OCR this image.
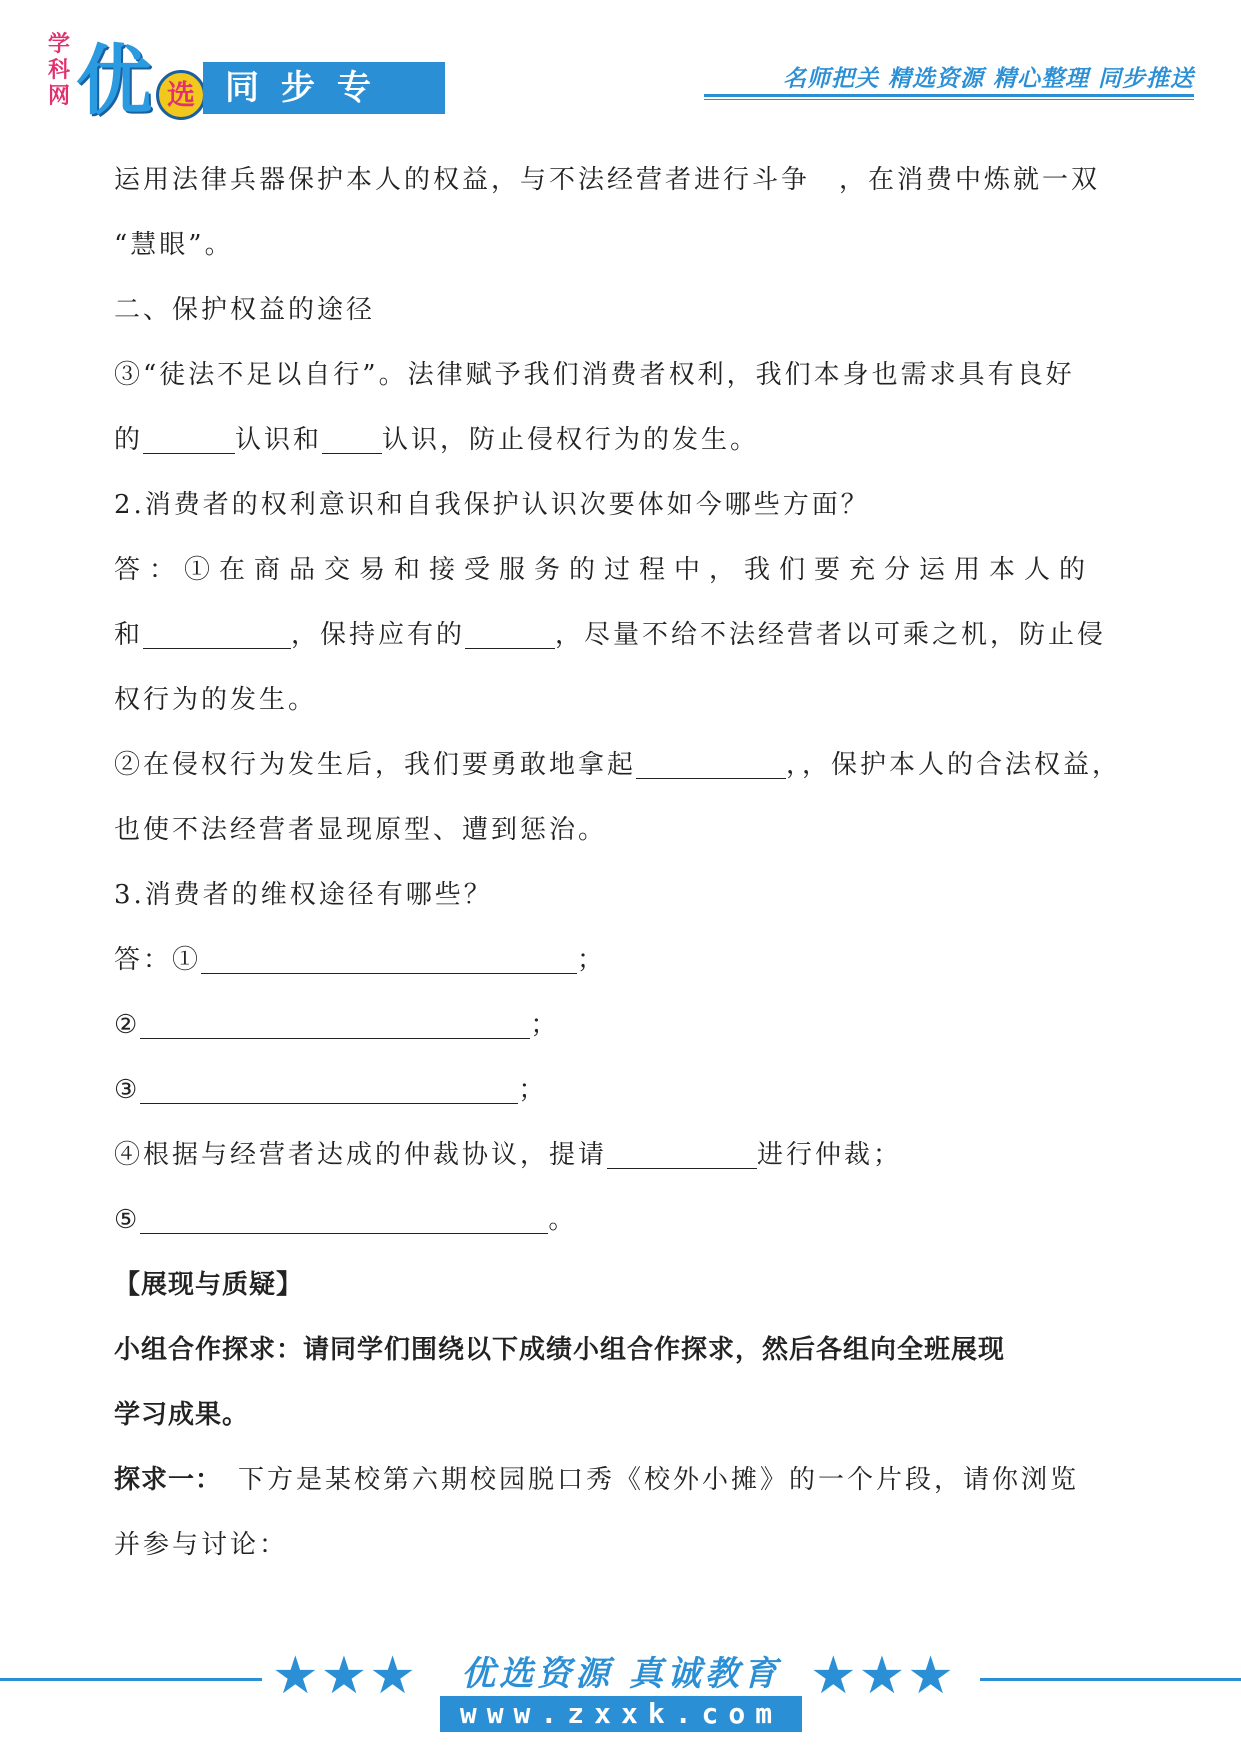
学
科
网 优 选 同步专区
名师把关 精选资源 精心整理 同步推送
运用法律兵器保护本人的权益，与不法经营者进行斗争　，在消费中炼就一双
“慧眼”。
二、保护权益的途径
③“徒法不足以自行”。法律赋予我们消费者权利，我们本身也需求具有良好
的	认识和 认识，防止侵权行为的发生。
2.消费者的权利意识和自我保护认识次要体如今哪些方面？
答：①在商品交易和接受服务的过程中，我们要充分运用本人的
和	，保持应有的	，尽量不给不法经营者以可乘之机，防止侵
权行为的发生。
②在侵权行为发生后，我们要勇敢地拿起	，，保护本人的合法权益，
也使不法经营者显现原型、遭到惩治。
3.消费者的维权途径有哪些？
答：①	；
②	；
③	；
④根据与经营者达成的仲裁协议，提请	进行仲裁；
⑤	。
【展现与质疑】
小组合作探求：请同学们围绕以下成绩小组合作探求，然后各组向全班展现
学习成果。
探求一：　下方是某校第六期校园脱口秀《校外小摊》的一个片段，请你浏览
并参与讨论：
★★★	优选资源 真诚教育
www.zxxk.com
★★★
